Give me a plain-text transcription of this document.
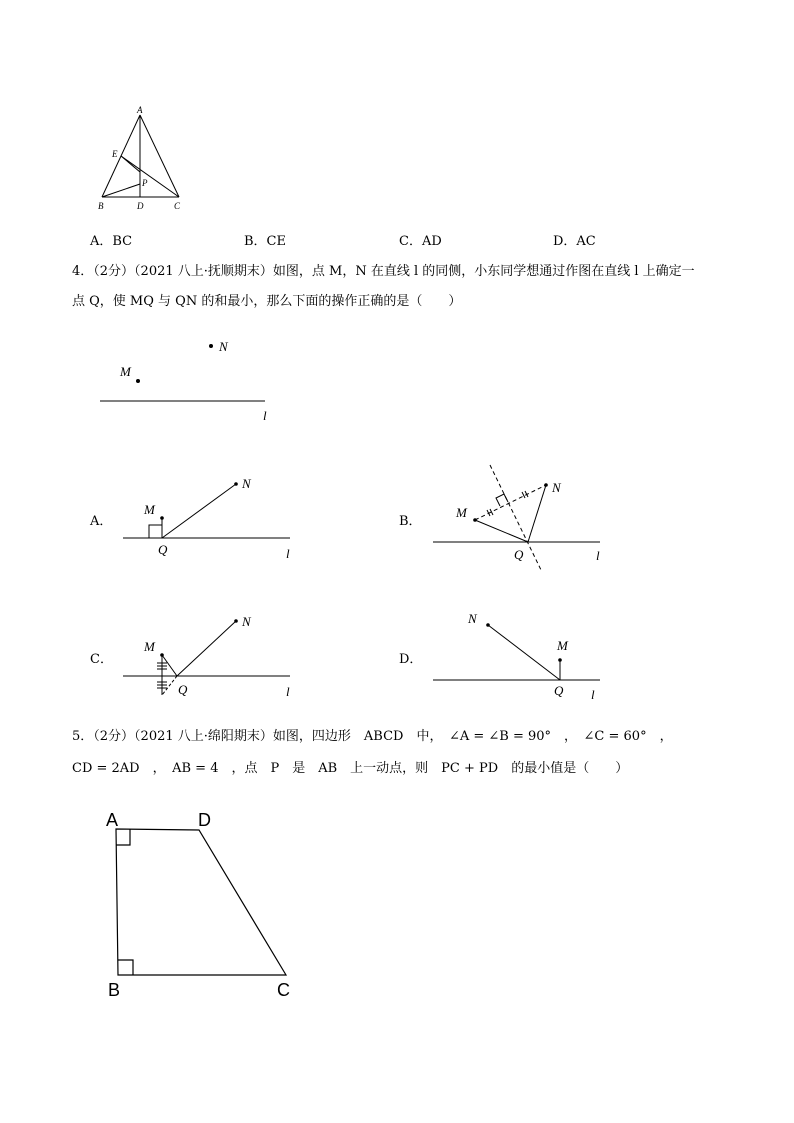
A
E
P
B	D	C
A．BC	B．CE	C．AD	D．AC
4．（2分）（2021 八上·抚顺期末）如图，点 M，N 在直线 l 的同侧，小东同学想通过作图在直线 l 上确定一
点 Q，使 MQ 与 QN 的和最小，那么下面的操作正确的是（　　）
N
M
l
A．
M
N
Q	l
B．
M
N
Q	l
C．
M
N
Q	l
D．
N
M
Q l
5．（2分）（2021 八上·绵阳期末）如图，四边形　ABCD　中，　∠A = ∠B = 90°　，　∠C = 60°　，
CD = 2AD　，　AB = 4　，点　P　是　AB　上一动点，则　PC + PD　的最小值是（　　）
A	D
B	C
